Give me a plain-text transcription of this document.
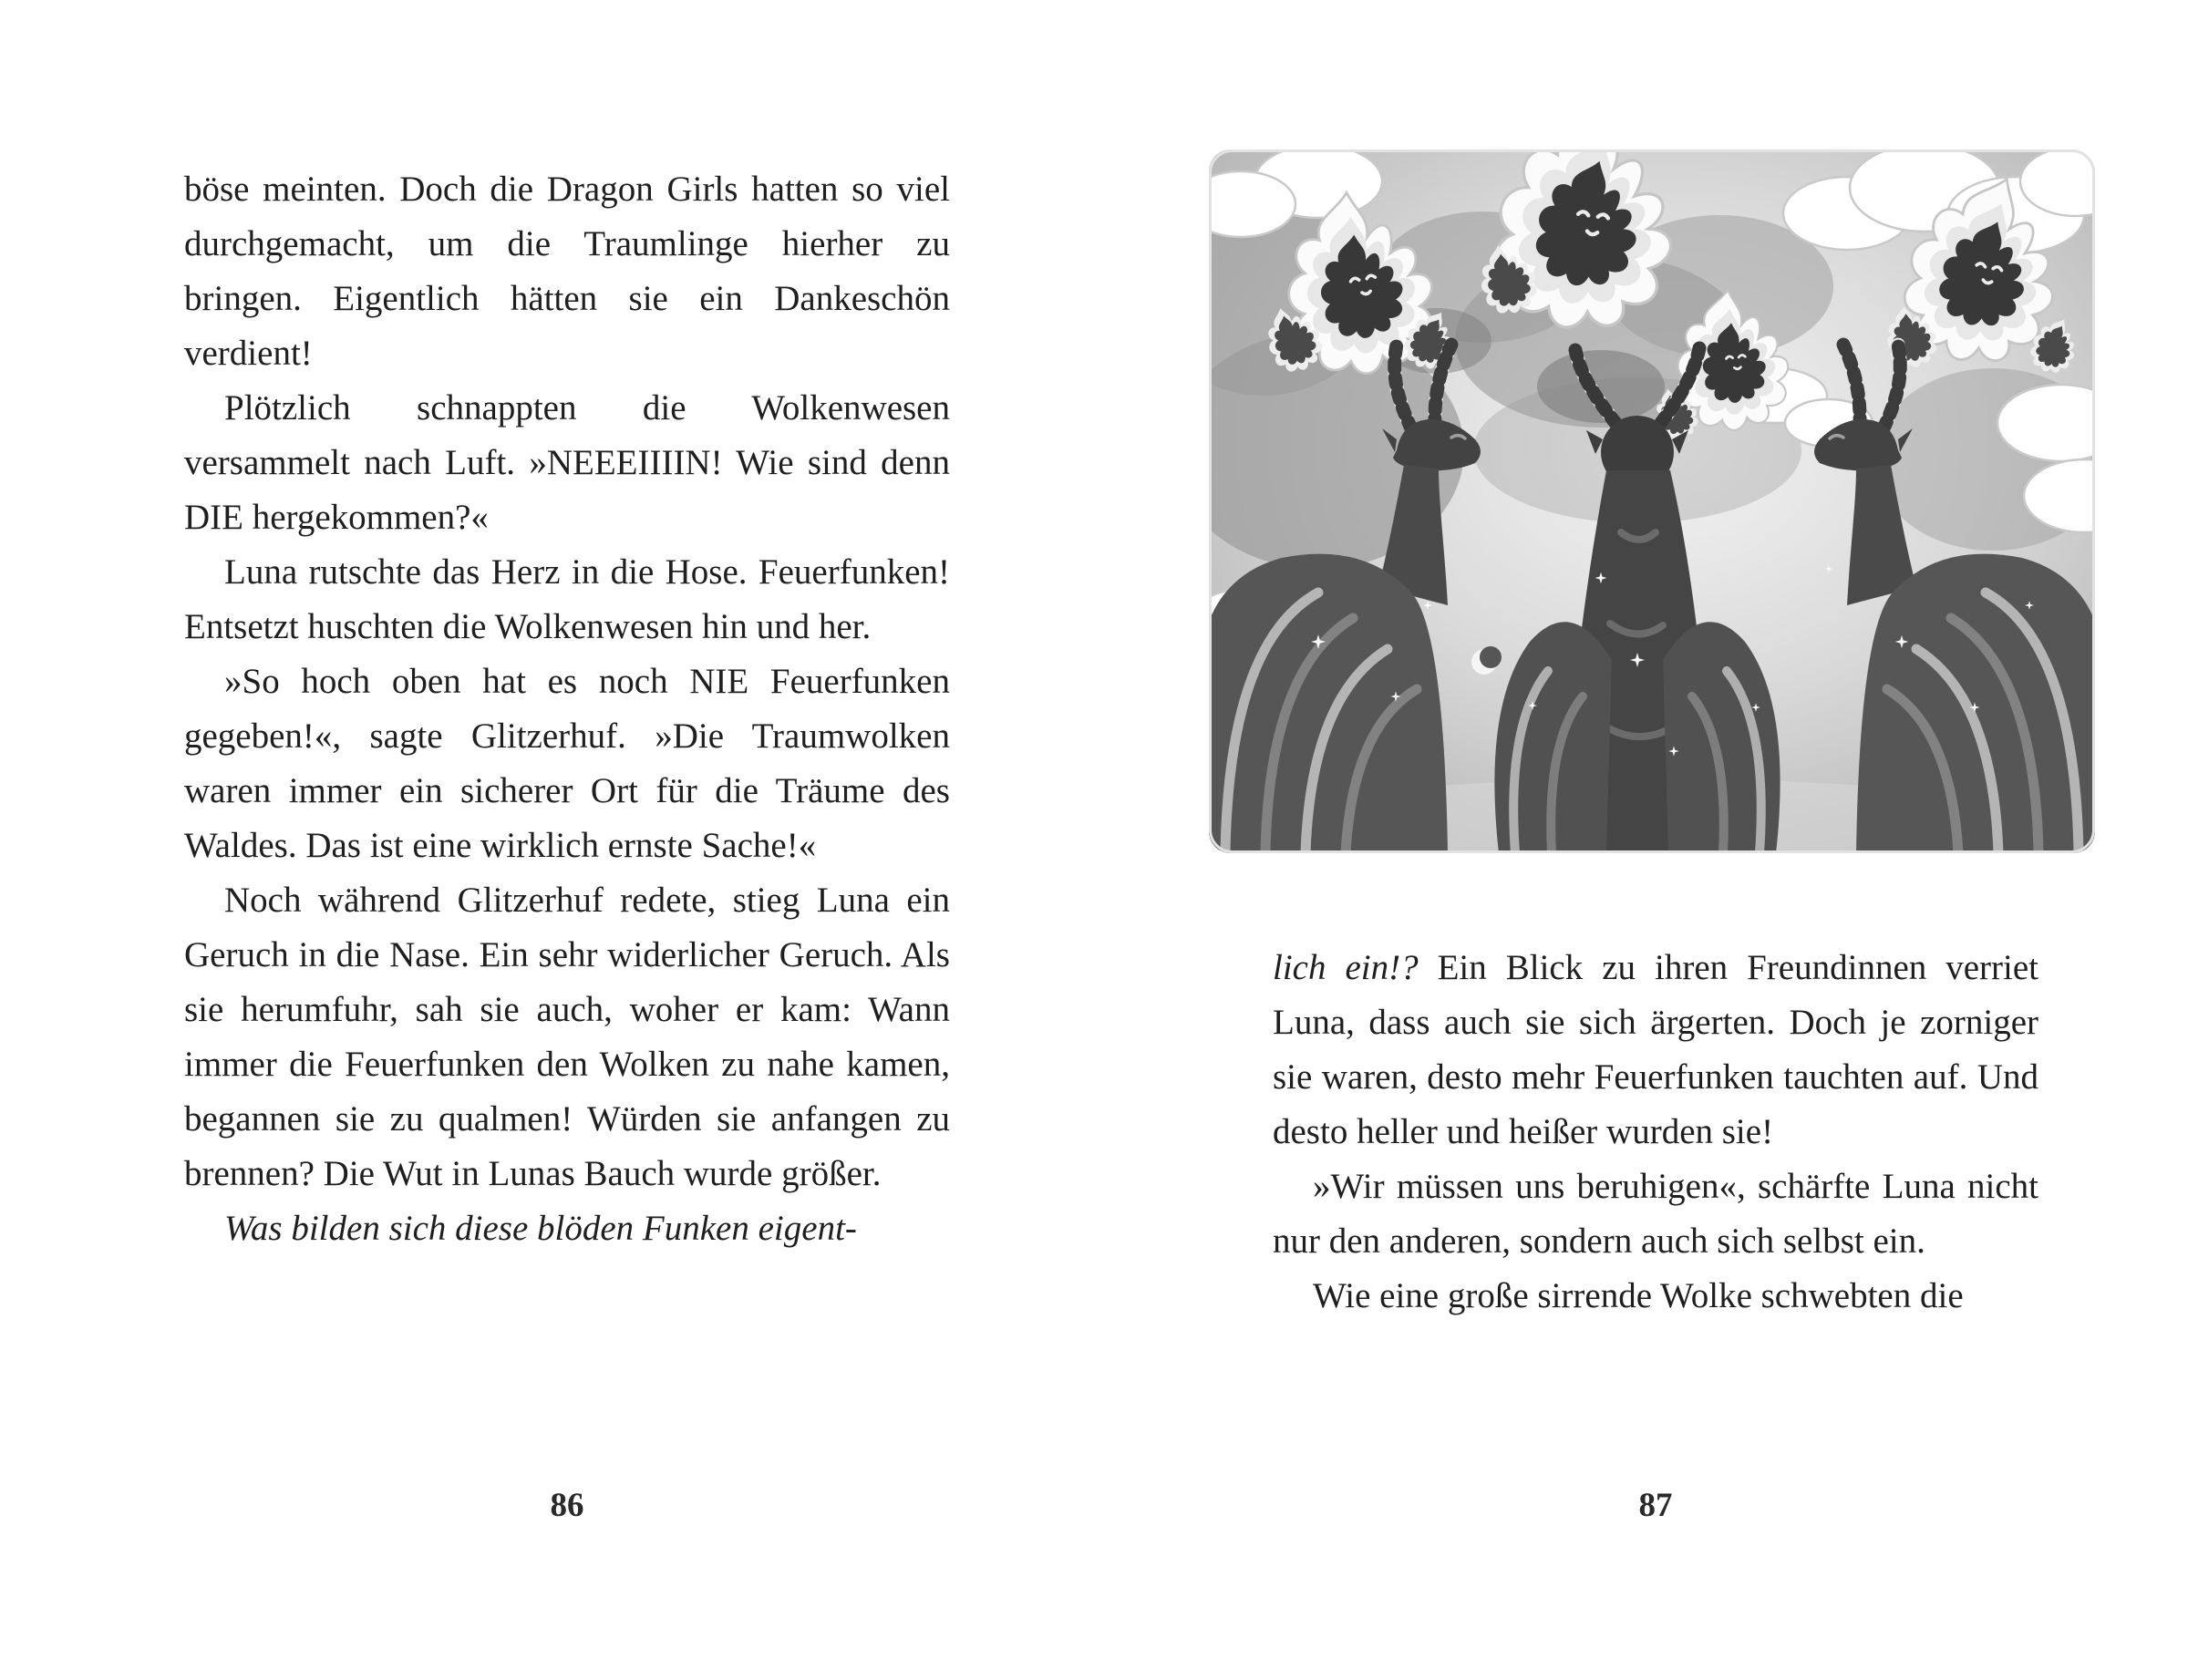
böse meinten. Doch die Dragon Girls hatten so viel durchgemacht, um die Traumlinge hierher zu bringen. Eigentlich hätten sie ein Dankeschön verdient!

Plötzlich schnappten die Wolkenwesen versammelt nach Luft. »NEEEIIIIN! Wie sind denn DIE hergekommen?«

Luna rutschte das Herz in die Hose. Feuerfunken! Entsetzt huschten die Wolkenwesen hin und her.

»So hoch oben hat es noch NIE Feuerfunken gegeben!«, sagte Glitzerhuf. »Die Traumwolken waren immer ein sicherer Ort für die Träume des Waldes. Das ist eine wirklich ernste Sache!«

Noch während Glitzerhuf redete, stieg Luna ein Geruch in die Nase. Ein sehr widerlicher Geruch. Als sie herumfuhr, sah sie auch, woher er kam: Wann immer die Feuerfunken den Wolken zu nahe kamen, begannen sie zu qualmen! Würden sie anfangen zu brennen? Die Wut in Lunas Bauch wurde größer.

Was bilden sich diese blöden Funken eigent-

86

lich ein!? Ein Blick zu ihren Freundinnen verriet Luna, dass auch sie sich ärgerten. Doch je zorniger sie waren, desto mehr Feuerfunken tauchten auf. Und desto heller und heißer wurden sie!

»Wir müssen uns beruhigen«, schärfte Luna nicht nur den anderen, sondern auch sich selbst ein.

Wie eine große sirrende Wolke schwebten die

87
